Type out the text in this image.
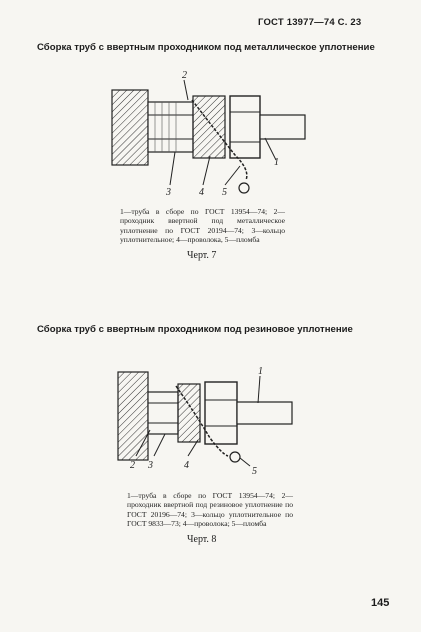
ГОСТ 13977—74 С. 23
Сборка труб с ввертным проходником под металлическое уплотнение
2
1
3	4 5
1—труба в сборе по ГОСТ 13954—74; 2—проходник ввертной под металлическое уплотнение по ГОСТ 20194—74; 3—кольцо уплотнительное; 4—проволока, 5—пломба
Черт. 7
Сборка труб с ввертным проходником под резиновое уплотнение
1
2 3	4
5
1—труба в сборе по ГОСТ 13954—74; 2—проходник ввертной под резиновое уплотнение по ГОСТ 20196—74; 3—кольцо уплотнительное по ГОСТ 9833—73; 4—проволока; 5—пломба
Черт. 8
145
